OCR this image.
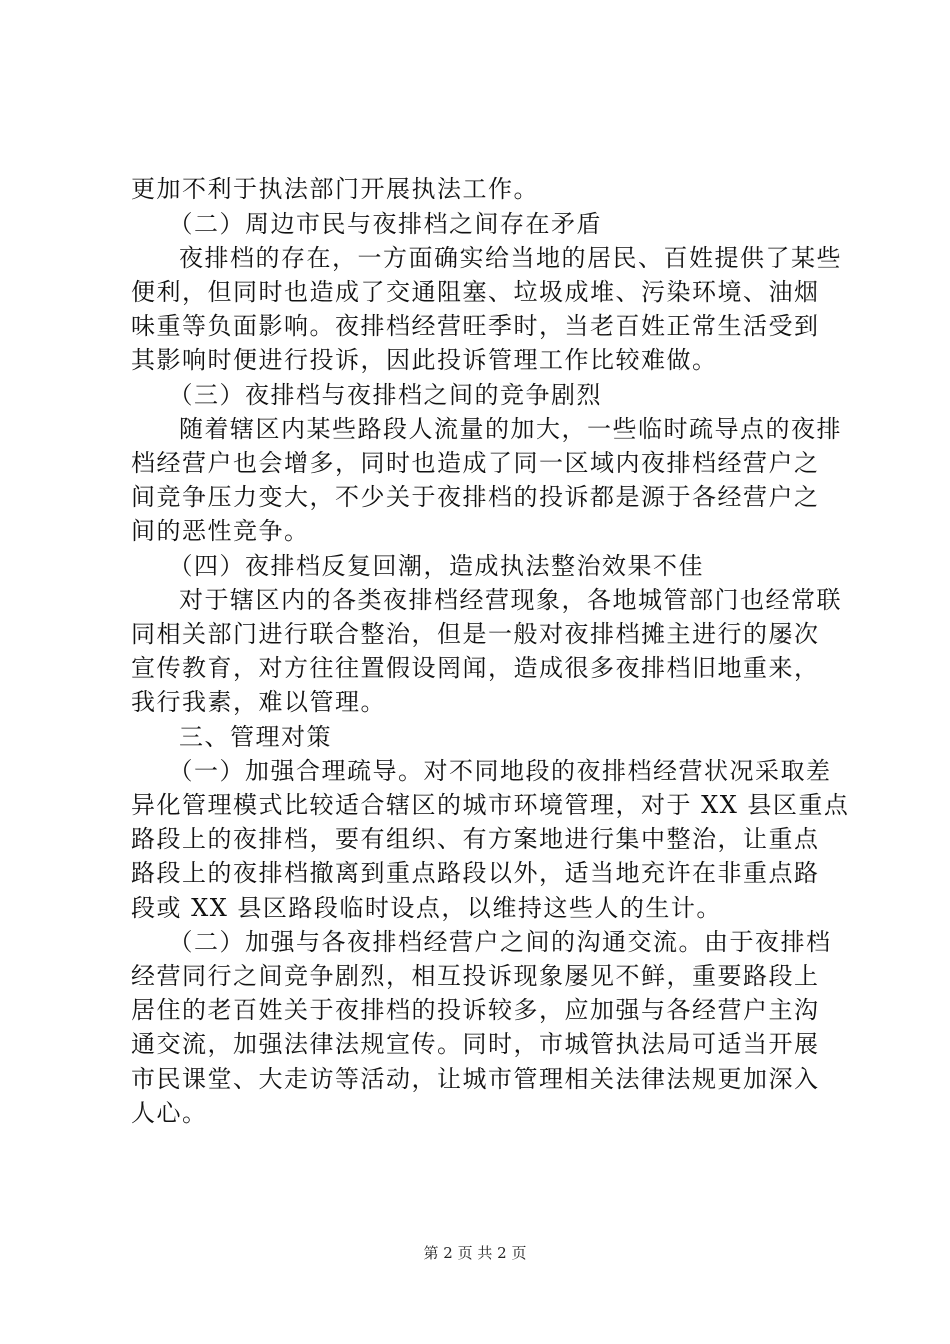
更加不利于执法部门开展执法工作。
　（二）周边市民与夜排档之间存在矛盾
夜排档的存在，一方面确实给当地的居民、百姓提供了某些
便利，但同时也造成了交通阻塞、垃圾成堆、污染环境、油烟
味重等负面影响。夜排档经营旺季时，当老百姓正常生活受到
其影响时便进行投诉，因此投诉管理工作比较难做。
　（三）夜排档与夜排档之间的竞争剧烈
随着辖区内某些路段人流量的加大，一些临时疏导点的夜排
档经营户也会增多，同时也造成了同一区域内夜排档经营户之
间竞争压力变大，不少关于夜排档的投诉都是源于各经营户之
间的恶性竞争。
　（四）夜排档反复回潮，造成执法整治效果不佳
对于辖区内的各类夜排档经营现象，各地城管部门也经常联
同相关部门进行联合整治，但是一般对夜排档摊主进行的屡次
宣传教育，对方往往置假设罔闻，造成很多夜排档旧地重来，
我行我素，难以管理。
三、管理对策
　（一）加强合理疏导。对不同地段的夜排档经营状况采取差
异化管理模式比较适合辖区的城市环境管理，对于 XX 县区重点
路段上的夜排档，要有组织、有方案地进行集中整治，让重点
路段上的夜排档撤离到重点路段以外，适当地充许在非重点路
段或 XX 县区路段临时设点，以维持这些人的生计。
　（二）加强与各夜排档经营户之间的沟通交流。由于夜排档
经营同行之间竞争剧烈，相互投诉现象屡见不鲜，重要路段上
居住的老百姓关于夜排档的投诉较多，应加强与各经营户主沟
通交流，加强法律法规宣传。同时，市城管执法局可适当开展
市民课堂、大走访等活动，让城市管理相关法律法规更加深入
人心。
第 2 页 共 2 页
